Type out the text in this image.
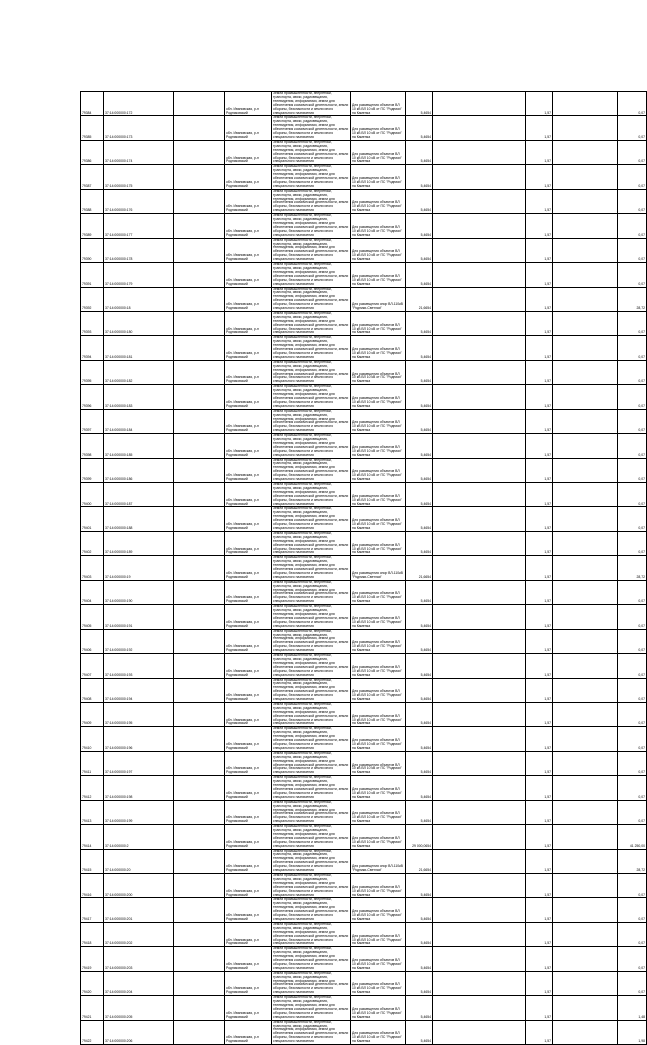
79384	37:14:000000:172		обл. Ивановская, р-н Родниковский	Земли промышленности, энергетики, транспорта, связи, радиовещания, телевидения, информатики, земли для обеспечения космической деятельности, земли обороны, безопасности и земли иного специального назначения	Для размещения объектов ВЛ 10 кВ ВЛ 10 кВ от ПС "Родники" на Каменка	5,4654		1,57		0,07
79385	37:14:000000:173		обл. Ивановская, р-н Родниковский	Земли промышленности, энергетики, транспорта, связи, радиовещания, телевидения, информатики, земли для обеспечения космической деятельности, земли обороны, безопасности и земли иного специального назначения	Для размещения объектов ВЛ 10 кВ ВЛ 10 кВ от ПС "Родники" на Каменка	5,4654		1,57		0,07
79386	37:14:000000:174		обл. Ивановская, р-н Родниковский	Земли промышленности, энергетики, транспорта, связи, радиовещания, телевидения, информатики, земли для обеспечения космической деятельности, земли обороны, безопасности и земли иного специального назначения	Для размещения объектов ВЛ 10 кВ ВЛ 10 кВ от ПС "Родники" на Каменка	5,4654		1,57		0,07
79387	37:14:000000:175		обл. Ивановская, р-н Родниковский	Земли промышленности, энергетики, транспорта, связи, радиовещания, телевидения, информатики, земли для обеспечения космической деятельности, земли обороны, безопасности и земли иного специального назначения	Для размещения объектов ВЛ 10 кВ ВЛ 10 кВ от ПС "Родники" на Каменка	5,4654		1,57		0,07
79388	37:14:000000:176		обл. Ивановская, р-н Родниковский	Земли промышленности, энергетики, транспорта, связи, радиовещания, телевидения, информатики, земли для обеспечения космической деятельности, земли обороны, безопасности и земли иного специального назначения	Для размещения объектов ВЛ 10 кВ ВЛ 10 кВ от ПС "Родники" на Каменка	5,4654		1,57		0,07
79389	37:14:000000:177		обл. Ивановская, р-н Родниковский	Земли промышленности, энергетики, транспорта, связи, радиовещания, телевидения, информатики, земли для обеспечения космической деятельности, земли обороны, безопасности и земли иного специального назначения	Для размещения объектов ВЛ 10 кВ ВЛ 10 кВ от ПС "Родники" на Каменка	5,4654		1,57		0,07
79390	37:14:000000:178		обл. Ивановская, р-н Родниковский	Земли промышленности, энергетики, транспорта, связи, радиовещания, телевидения, информатики, земли для обеспечения космической деятельности, земли обороны, безопасности и земли иного специального назначения	Для размещения объектов ВЛ 10 кВ ВЛ 10 кВ от ПС "Родники" на Каменка	5,4654		1,57		0,07
79391	37:14:000000:179		обл. Ивановская, р-н Родниковский	Земли промышленности, энергетики, транспорта, связи, радиовещания, телевидения, информатики, земли для обеспечения космической деятельности, земли обороны, безопасности и земли иного специального назначения	Для размещения объектов ВЛ 10 кВ ВЛ 10 кВ от ПС "Родники" на Каменка	5,4654		1,57		0,07
79392	37:14:000000:18		обл. Ивановская, р-н Родниковский	Земли промышленности, энергетики, транспорта, связи, радиовещания, телевидения, информатики, земли для обеспечения космической деятельности, земли обороны, безопасности и земли иного специального назначения	Для размещения опор ВЛ-110кВ "Родники-Светлая"	21,6654		1,57		28,72
79393	37:14:000000:180		обл. Ивановская, р-н Родниковский	Земли промышленности, энергетики, транспорта, связи, радиовещания, телевидения, информатики, земли для обеспечения космической деятельности, земли обороны, безопасности и земли иного специального назначения	Для размещения объектов ВЛ 10 кВ ВЛ 10 кВ от ПС "Родники" на Каменка	5,4654		1,57		0,07
79394	37:14:000000:181		обл. Ивановская, р-н Родниковский	Земли промышленности, энергетики, транспорта, связи, радиовещания, телевидения, информатики, земли для обеспечения космической деятельности, земли обороны, безопасности и земли иного специального назначения	Для размещения объектов ВЛ 10 кВ ВЛ 10 кВ от ПС "Родники" на Каменка	5,4654		1,57		0,07
79395	37:14:000000:182		обл. Ивановская, р-н Родниковский	Земли промышленности, энергетики, транспорта, связи, радиовещания, телевидения, информатики, земли для обеспечения космической деятельности, земли обороны, безопасности и земли иного специального назначения	Для размещения объектов ВЛ 10 кВ ВЛ 10 кВ от ПС "Родники" на Каменка	5,4654		1,57		0,07
79396	37:14:000000:183		обл. Ивановская, р-н Родниковский	Земли промышленности, энергетики, транспорта, связи, радиовещания, телевидения, информатики, земли для обеспечения космической деятельности, земли обороны, безопасности и земли иного специального назначения	Для размещения объектов ВЛ 10 кВ ВЛ 10 кВ от ПС "Родники" на Каменка	5,4654		1,57		0,07
79397	37:14:000000:184		обл. Ивановская, р-н Родниковский	Земли промышленности, энергетики, транспорта, связи, радиовещания, телевидения, информатики, земли для обеспечения космической деятельности, земли обороны, безопасности и земли иного специального назначения	Для размещения объектов ВЛ 10 кВ ВЛ 10 кВ от ПС "Родники" на Каменка	5,4654		1,57		0,07
79398	37:14:000000:185		обл. Ивановская, р-н Родниковский	Земли промышленности, энергетики, транспорта, связи, радиовещания, телевидения, информатики, земли для обеспечения космической деятельности, земли обороны, безопасности и земли иного специального назначения	Для размещения объектов ВЛ 10 кВ ВЛ 10 кВ от ПС "Родники" на Каменка	5,4654		1,57		0,07
79399	37:14:000000:186		обл. Ивановская, р-н Родниковский	Земли промышленности, энергетики, транспорта, связи, радиовещания, телевидения, информатики, земли для обеспечения космической деятельности, земли обороны, безопасности и земли иного специального назначения	Для размещения объектов ВЛ 10 кВ ВЛ 10 кВ от ПС "Родники" на Каменка	5,4654		1,57		0,07
79400	37:14:000000:187		обл. Ивановская, р-н Родниковский	Земли промышленности, энергетики, транспорта, связи, радиовещания, телевидения, информатики, земли для обеспечения космической деятельности, земли обороны, безопасности и земли иного специального назначения	Для размещения объектов ВЛ 10 кВ ВЛ 10 кВ от ПС "Родники" на Каменка	5,4654		1,57		0,07
79401	37:14:000000:188		обл. Ивановская, р-н Родниковский	Земли промышленности, энергетики, транспорта, связи, радиовещания, телевидения, информатики, земли для обеспечения космической деятельности, земли обороны, безопасности и земли иного специального назначения	Для размещения объектов ВЛ 10 кВ ВЛ 10 кВ от ПС "Родники" на Каменка	5,4654		1,57		0,07
79402	37:14:000000:189		обл. Ивановская, р-н Родниковский	Земли промышленности, энергетики, транспорта, связи, радиовещания, телевидения, информатики, земли для обеспечения космической деятельности, земли обороны, безопасности и земли иного специального назначения	Для размещения объектов ВЛ 10 кВ ВЛ 10 кВ от ПС "Родники" на Каменка	5,4654		1,57		0,07
79403	37:14:000000:19		обл. Ивановская, р-н Родниковский	Земли промышленности, энергетики, транспорта, связи, радиовещания, телевидения, информатики, земли для обеспечения космической деятельности, земли обороны, безопасности и земли иного специального назначения	Для размещения опор ВЛ-110кВ "Родники-Светлая"	21,6654		1,57		28,72
79404	37:14:000000:190		обл. Ивановская, р-н Родниковский	Земли промышленности, энергетики, транспорта, связи, радиовещания, телевидения, информатики, земли для обеспечения космической деятельности, земли обороны, безопасности и земли иного специального назначения	Для размещения объектов ВЛ 10 кВ ВЛ 10 кВ от ПС "Родники" на Каменка	5,4654		1,57		0,07
79405	37:14:000000:191		обл. Ивановская, р-н Родниковский	Земли промышленности, энергетики, транспорта, связи, радиовещания, телевидения, информатики, земли для обеспечения космической деятельности, земли обороны, безопасности и земли иного специального назначения	Для размещения объектов ВЛ 10 кВ ВЛ 10 кВ от ПС "Родники" на Каменка	5,4654		1,57		0,07
79406	37:14:000000:192		обл. Ивановская, р-н Родниковский	Земли промышленности, энергетики, транспорта, связи, радиовещания, телевидения, информатики, земли для обеспечения космической деятельности, земли обороны, безопасности и земли иного специального назначения	Для размещения объектов ВЛ 10 кВ ВЛ 10 кВ от ПС "Родники" на Каменка	5,4654		1,57		0,07
79407	37:14:000000:193		обл. Ивановская, р-н Родниковский	Земли промышленности, энергетики, транспорта, связи, радиовещания, телевидения, информатики, земли для обеспечения космической деятельности, земли обороны, безопасности и земли иного специального назначения	Для размещения объектов ВЛ 10 кВ ВЛ 10 кВ от ПС "Родники" на Каменка	5,4654		1,57		0,07
79408	37:14:000000:194		обл. Ивановская, р-н Родниковский	Земли промышленности, энергетики, транспорта, связи, радиовещания, телевидения, информатики, земли для обеспечения космической деятельности, земли обороны, безопасности и земли иного специального назначения	Для размещения объектов ВЛ 10 кВ ВЛ 10 кВ от ПС "Родники" на Каменка	5,4654		1,57		0,07
79409	37:14:000000:195		обл. Ивановская, р-н Родниковский	Земли промышленности, энергетики, транспорта, связи, радиовещания, телевидения, информатики, земли для обеспечения космической деятельности, земли обороны, безопасности и земли иного специального назначения	Для размещения объектов ВЛ 10 кВ ВЛ 10 кВ от ПС "Родники" на Каменка	5,4654		1,57		0,07
79410	37:14:000000:196		обл. Ивановская, р-н Родниковский	Земли промышленности, энергетики, транспорта, связи, радиовещания, телевидения, информатики, земли для обеспечения космической деятельности, земли обороны, безопасности и земли иного специального назначения	Для размещения объектов ВЛ 10 кВ ВЛ 10 кВ от ПС "Родники" на Каменка	5,4654		1,57		0,07
79411	37:14:000000:197		обл. Ивановская, р-н Родниковский	Земли промышленности, энергетики, транспорта, связи, радиовещания, телевидения, информатики, земли для обеспечения космической деятельности, земли обороны, безопасности и земли иного специального назначения	Для размещения объектов ВЛ 10 кВ ВЛ 10 кВ от ПС "Родники" на Каменка	5,4654		1,57		0,07
79412	37:14:000000:198		обл. Ивановская, р-н Родниковский	Земли промышленности, энергетики, транспорта, связи, радиовещания, телевидения, информатики, земли для обеспечения космической деятельности, земли обороны, безопасности и земли иного специального назначения	Для размещения объектов ВЛ 10 кВ ВЛ 10 кВ от ПС "Родники" на Каменка	5,4654		1,57		0,07
79413	37:14:000000:199		обл. Ивановская, р-н Родниковский	Земли промышленности, энергетики, транспорта, связи, радиовещания, телевидения, информатики, земли для обеспечения космической деятельности, земли обороны, безопасности и земли иного специального назначения	Для размещения объектов ВЛ 10 кВ ВЛ 10 кВ от ПС "Родники" на Каменка	5,4654		1,57		0,07
79414	37:14:000000:2		обл. Ивановская, р-н Родниковский	Земли промышленности, энергетики, транспорта, связи, радиовещания, телевидения, информатики, земли для обеспечения космической деятельности, земли обороны, безопасности и земли иного специального назначения	Для размещения объектов ВЛ 10 кВ ВЛ 10 кВ от ПС "Родники" на Каменка	29 000,0654		1,57		41 250,00
79415	37:14:000000:20		обл. Ивановская, р-н Родниковский	Земли промышленности, энергетики, транспорта, связи, радиовещания, телевидения, информатики, земли для обеспечения космической деятельности, земли обороны, безопасности и земли иного специального назначения	Для размещения опор ВЛ-110кВ "Родники-Светлая"	21,6654		1,57		28,72
79416	37:14:000000:200		обл. Ивановская, р-н Родниковский	Земли промышленности, энергетики, транспорта, связи, радиовещания, телевидения, информатики, земли для обеспечения космической деятельности, земли обороны, безопасности и земли иного специального назначения	Для размещения объектов ВЛ 10 кВ ВЛ 10 кВ от ПС "Родники" на Каменка	5,4654		1,57		0,07
79417	37:14:000000:201		обл. Ивановская, р-н Родниковский	Земли промышленности, энергетики, транспорта, связи, радиовещания, телевидения, информатики, земли для обеспечения космической деятельности, земли обороны, безопасности и земли иного специального назначения	Для размещения объектов ВЛ 10 кВ ВЛ 10 кВ от ПС "Родники" на Каменка	5,4654		1,57		0,07
79418	37:14:000000:202		обл. Ивановская, р-н Родниковский	Земли промышленности, энергетики, транспорта, связи, радиовещания, телевидения, информатики, земли для обеспечения космической деятельности, земли обороны, безопасности и земли иного специального назначения	Для размещения объектов ВЛ 10 кВ ВЛ 10 кВ от ПС "Родники" на Каменка	5,4654		1,57		0,07
79419	37:14:000000:203		обл. Ивановская, р-н Родниковский	Земли промышленности, энергетики, транспорта, связи, радиовещания, телевидения, информатики, земли для обеспечения космической деятельности, земли обороны, безопасности и земли иного специального назначения	Для размещения объектов ВЛ 10 кВ ВЛ 10 кВ от ПС "Родники" на Каменка	5,4654		1,57		0,07
79420	37:14:000000:204		обл. Ивановская, р-н Родниковский	Земли промышленности, энергетики, транспорта, связи, радиовещания, телевидения, информатики, земли для обеспечения космической деятельности, земли обороны, безопасности и земли иного специального назначения	Для размещения объектов ВЛ 10 кВ ВЛ 10 кВ от ПС "Родники" на Каменка	5,4654		1,57		0,07
79421	37:14:000000:205		обл. Ивановская, р-н Родниковский	Земли промышленности, энергетики, транспорта, связи, радиовещания, телевидения, информатики, земли для обеспечения космической деятельности, земли обороны, безопасности и земли иного специального назначения	Для размещения объектов ВЛ 10 кВ ВЛ 10 кВ от ПС "Родники" на Каменка	5,4654		1,57		1,48
79422	37:14:000000:206		обл. Ивановская, р-н Родниковский	Земли промышленности, энергетики, транспорта, связи, радиовещания, телевидения, информатики, земли для обеспечения космической деятельности, земли обороны, безопасности и земли иного специального назначения	Для размещения объектов ВЛ 10 кВ ВЛ 10 кВ от ПС "Родники" на Каменка	5,4654		1,57		1,98
